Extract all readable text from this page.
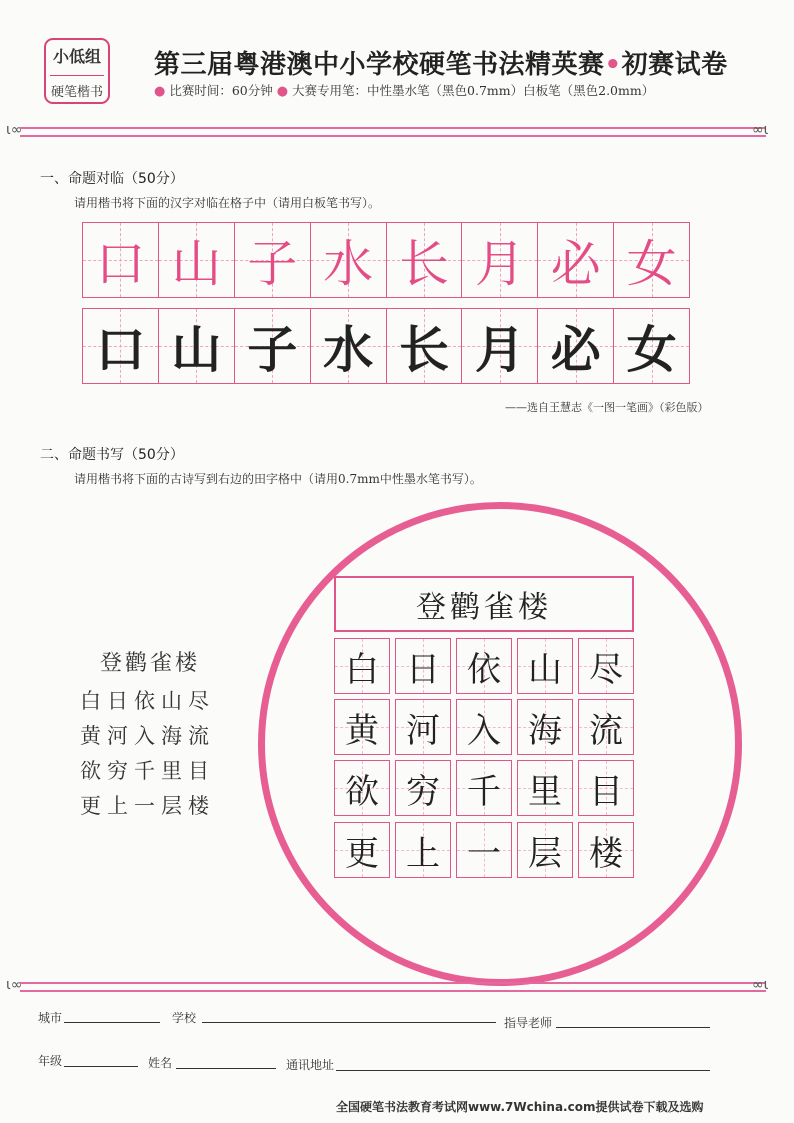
小低组
硬笔楷书
第三届粤港澳中小学校硬笔书法精英赛•初赛试卷
● 比赛时间：60分钟 ● 大赛专用笔：中性墨水笔（黑色0.7mm）白板笔（黑色2.0mm）
ɩ∞	∞ɩ
一、命题对临（50分）
请用楷书将下面的汉字对临在格子中（请用白板笔书写）。
口 山 子 水 长 月 必 女
口 山 子 水 长 月 必 女
——选自王慧志《一图一笔画》（彩色版）
二、命题书写（50分）
请用楷书将下面的古诗写到右边的田字格中（请用0.7mm中性墨水笔书写）。
登鹳雀楼
白日依山尽
黄河入海流
欲穷千里目
更上一层楼
登鹳雀楼
白 日 依 山 尽
黄 河 入 海 流
欲 穷 千 里 目
更 上 一 层 楼
ɩ∞	∞ɩ
城市	学校	指导老师
年级	姓名	通讯地址
全国硬笔书法教育考试网www.7Wchina.com提供试卷下载及选购
